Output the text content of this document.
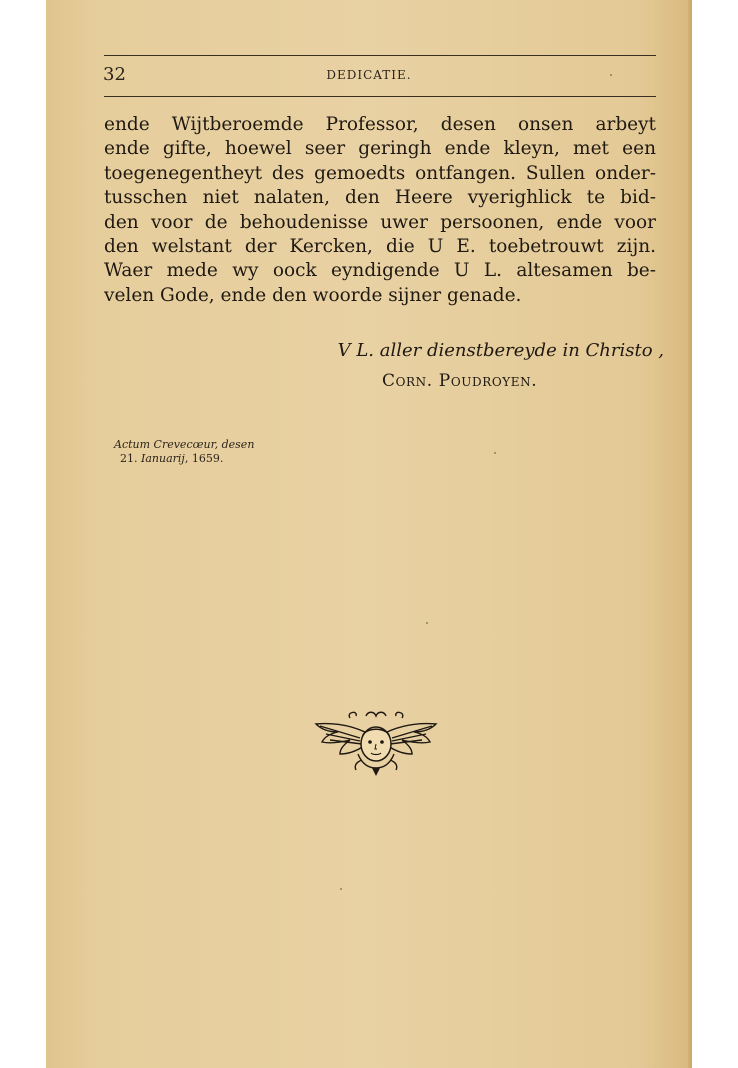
32	DEDICATIE.
ende Wijtberoemde Professor, desen onsen arbeyt
ende gifte, hoewel seer geringh ende kleyn, met een
toegenegentheyt des gemoedts ontfangen. Sullen onder-
tusschen niet nalaten, den Heere vyerighlick te bid-
den voor de behoudenisse uwer persoonen, ende voor
den welstant der Kercken, die U E. toebetrouwt zijn.
Waer mede wy oock eyndigende U L. altesamen be-
velen Gode, ende den woorde sijner genade.
V L. aller dienstbereyde in Christo ,
Corn. Poudroyen.
Actum Crevecœur, desen
21. Ianuarij, 1659.
